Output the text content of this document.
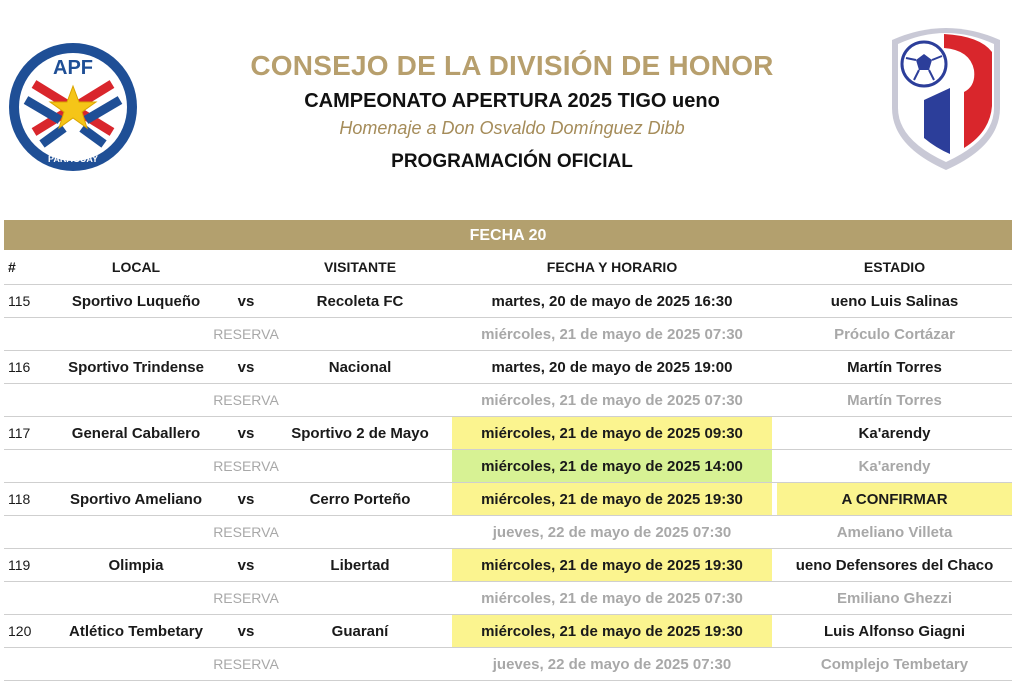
APF
PARAGUAY
CONSEJO DE LA DIVISIÓN DE HONOR
CAMPEONATO APERTURA 2025 TIGO ueno
Homenaje a Don Osvaldo Domínguez Dibb
PROGRAMACIÓN OFICIAL
FECHA 20
#	LOCAL	VISITANTE	FECHA Y HORARIO	ESTADIO
115	Sportivo Luqueño	vs	Recoleta FC	martes, 20 de mayo de 2025 16:30	ueno Luis Salinas
RESERVA	miércoles, 21 de mayo de 2025 07:30	Próculo Cortázar
116	Sportivo Trindense	vs	Nacional	martes, 20 de mayo de 2025 19:00	Martín Torres
RESERVA	miércoles, 21 de mayo de 2025 07:30	Martín Torres
117	General Caballero	vs	Sportivo 2 de Mayo	miércoles, 21 de mayo de 2025 09:30	Ka'arendy
RESERVA	miércoles, 21 de mayo de 2025 14:00	Ka'arendy
118	Sportivo Ameliano	vs	Cerro Porteño	miércoles, 21 de mayo de 2025 19:30	A CONFIRMAR
RESERVA	jueves, 22 de mayo de 2025 07:30	Ameliano Villeta
119	Olimpia	vs	Libertad	miércoles, 21 de mayo de 2025 19:30	ueno Defensores del Chaco
RESERVA	miércoles, 21 de mayo de 2025 07:30	Emiliano Ghezzi
120	Atlético Tembetary	vs	Guaraní	miércoles, 21 de mayo de 2025 19:30	Luis Alfonso Giagni
RESERVA	jueves, 22 de mayo de 2025 07:30	Complejo Tembetary
